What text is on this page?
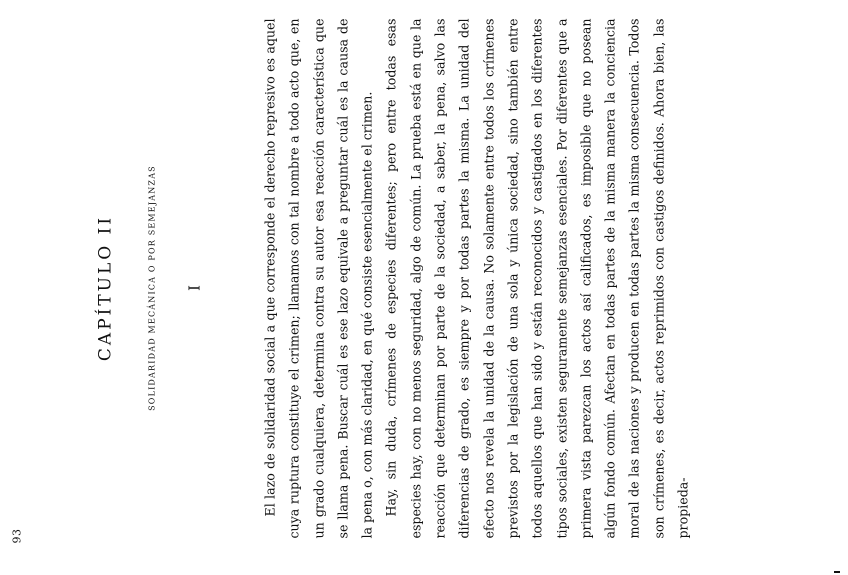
93
CAPÍTULO II	SOLIDARIDAD MECÁNICA O POR SEMEJANZAS I	El lazo de solidaridad social a que corresponde el derecho represivo es aquel cuya ruptura constituye el crimen; llamamos con tal nombre a todo acto que, en un grado cualquiera, determina contra su autor esa reacción característica que se llama pena. Buscar cuál es ese lazo equivale a preguntar cuál es la causa de la pena o, con más claridad, en qué consiste esencialmente el crimen. Hay, sin duda, crímenes de especies diferentes; pero entre todas esas especies hay, con no menos seguridad, algo de común. La prueba está en que la reacción que determinan por parte de la sociedad, a saber, la pena, salvo las diferencias de grado, es siempre y por todas partes la misma. La unidad del efecto nos revela la unidad de la causa. No solamente entre todos los crímenes previstos por la legislación de una sola y única sociedad, sino también entre todos aquellos que han sido y están reconocidos y castigados en los diferentes tipos sociales, existen seguramente semejanzas esenciales. Por diferentes que a primera vista parezcan los actos así calificados, es imposible que no posean algún fondo común. Afectan en todas partes de la misma manera la conciencia moral de las naciones y producen en todas partes la misma consecuencia. Todos son crímenes, es decir, actos reprimidos con castigos definidos. Ahora bien, las propieda-
